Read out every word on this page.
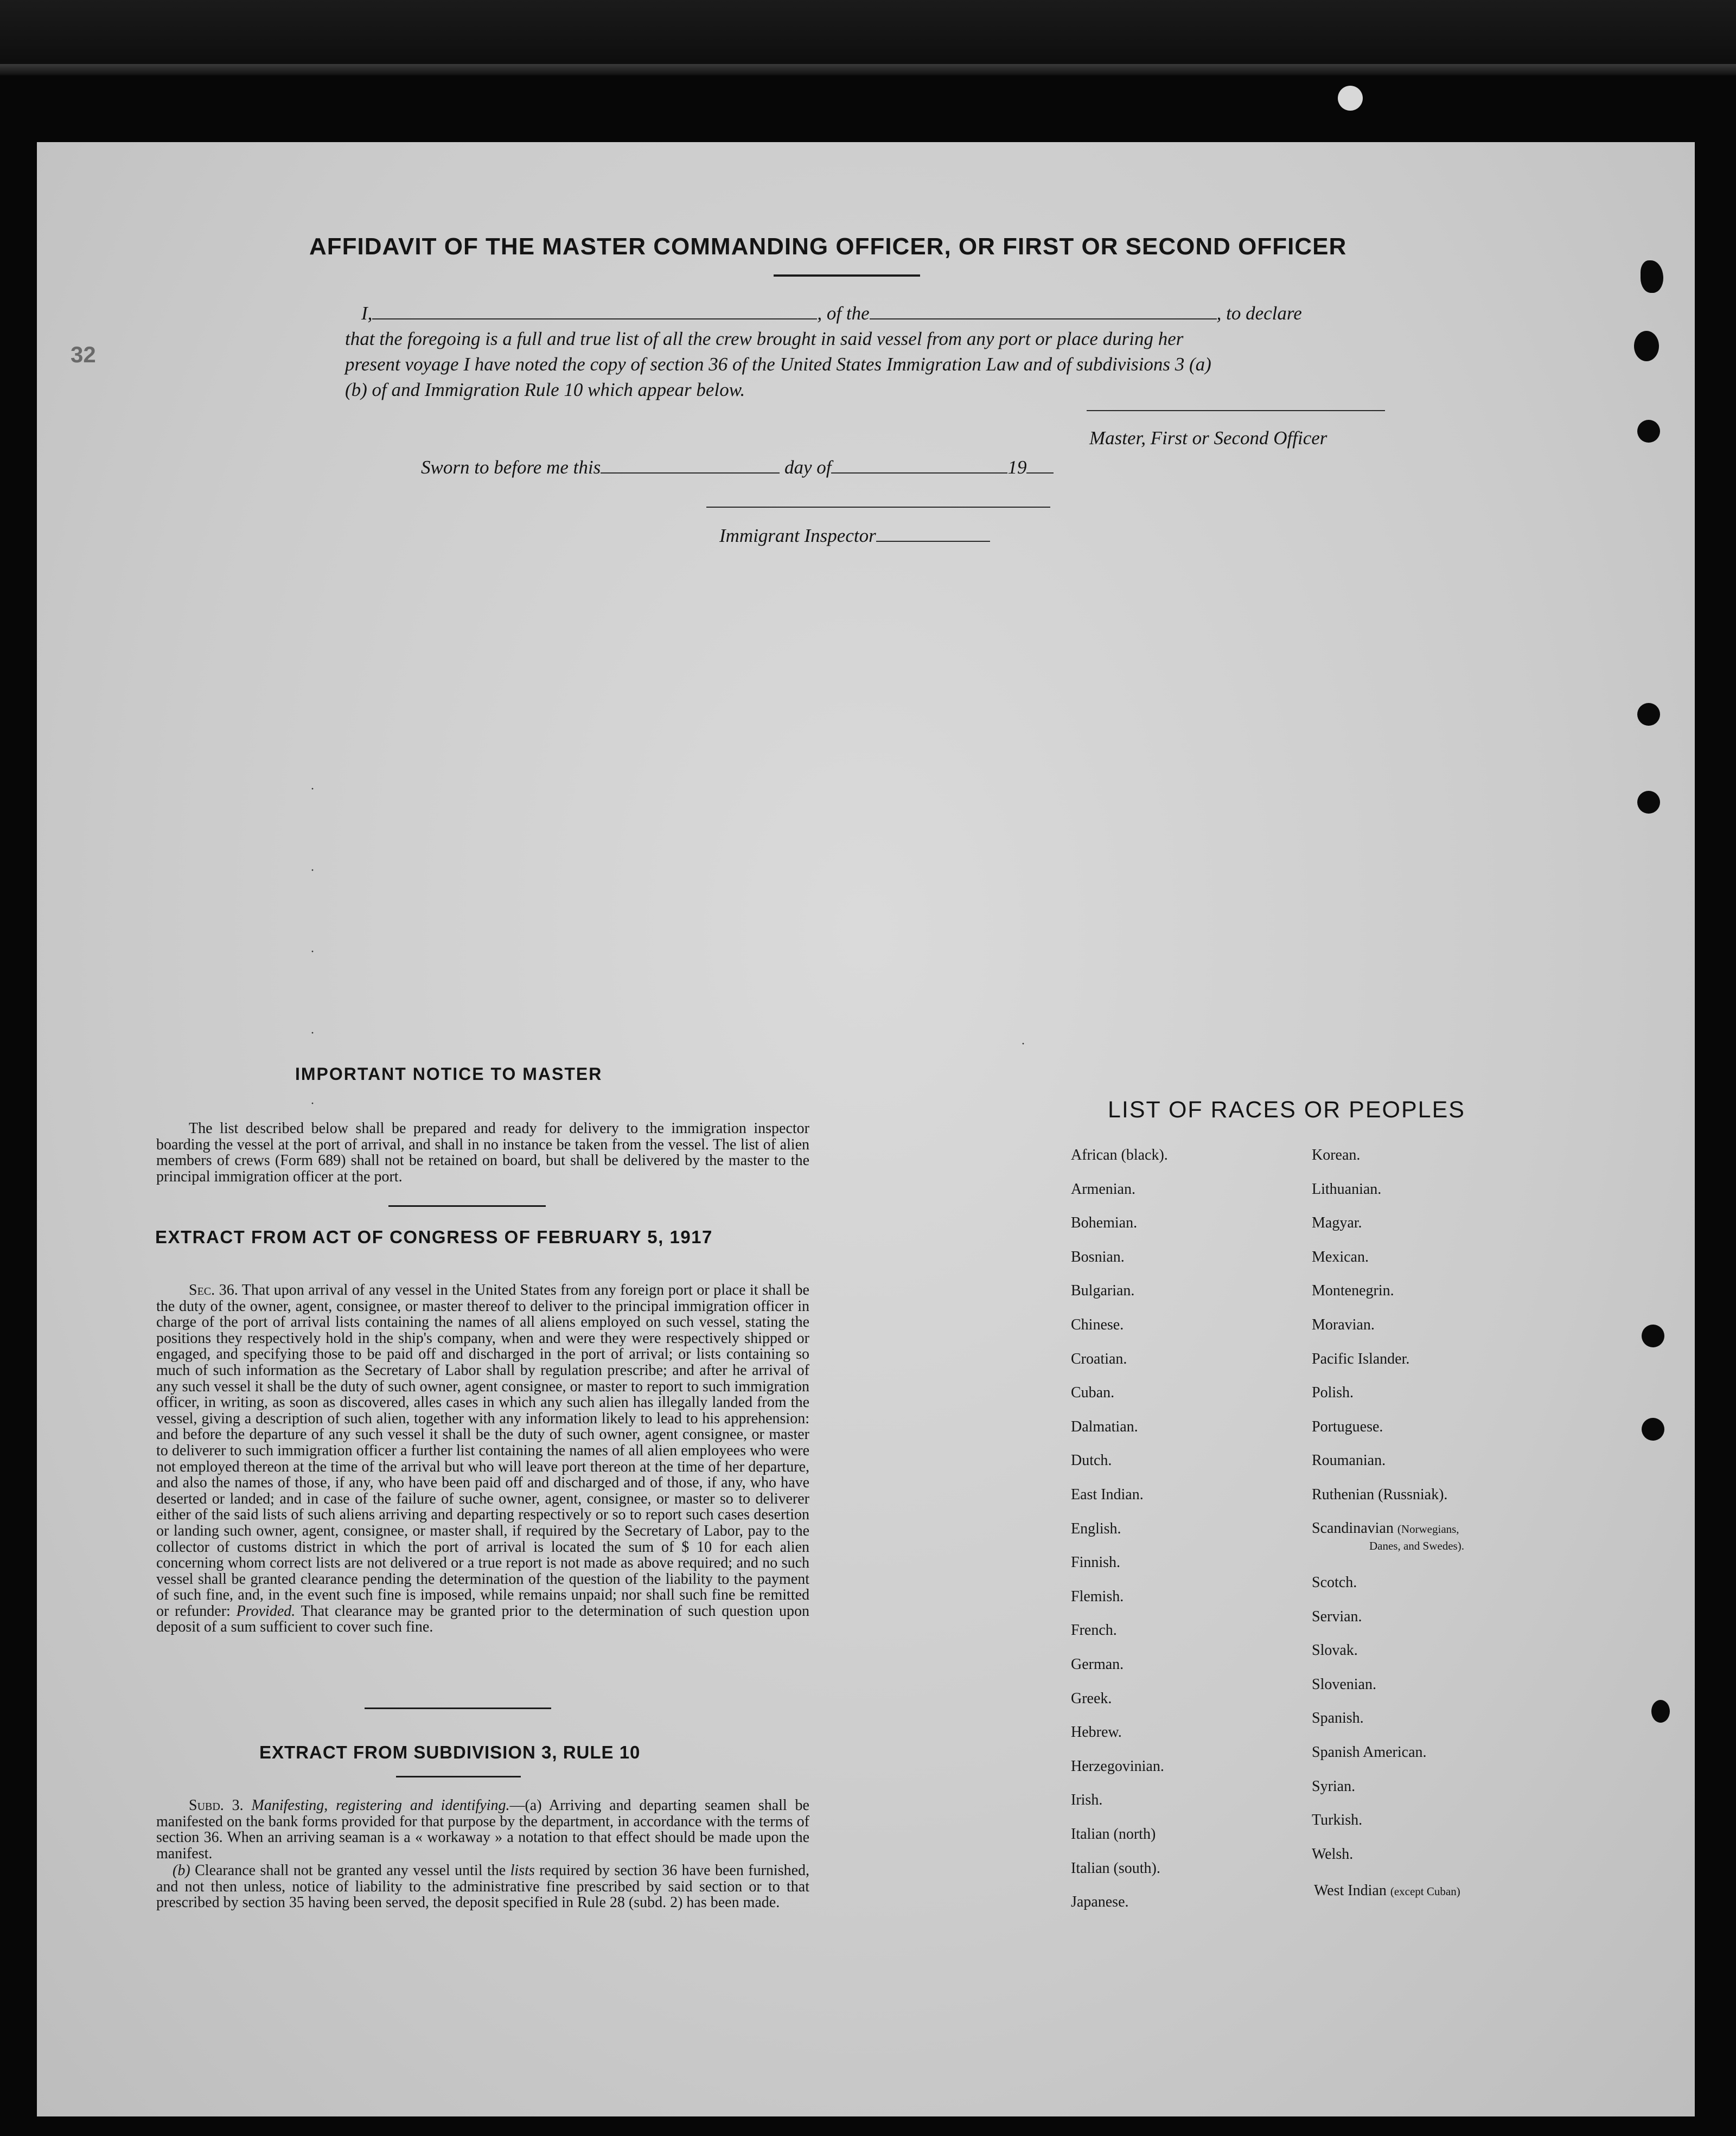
AFFIDAVIT OF THE MASTER COMMANDING OFFICER, OR FIRST OR SECOND OFFICER
I,	, of the	, to declare
that the foregoing is a full and true list of all the crew brought in said vessel from any port or place during her
present voyage I have noted the copy of section 36 of the United States Immigration Law and of subdivisions 3 (a)
(b) of and Immigration Rule 10 which appear below.
Master, First or Second Officer
Sworn to before me this	day of	19
Immigrant Inspector
32
·
·
·
·
·
·
IMPORTANT NOTICE TO MASTER
The list described below shall be prepared and ready for delivery to the immigration inspector boarding the vessel at the port of arrival, and shall in no instance be taken from the vessel. The list of alien members of crews (Form 689) shall not be retained on board, but shall be delivered by the master to the principal immigration officer at the port.
EXTRACT FROM ACT OF CONGRESS OF FEBRUARY 5, 1917
Sec. 36. That upon arrival of any vessel in the United States from any foreign port or place it shall be the duty of the owner, agent, consignee, or master thereof to deliver to the principal immigration officer in charge of the port of arrival lists containing the names of all aliens employed on such vessel, stating the positions they respectively hold in the ship's company, when and were they were respectively shipped or engaged, and specifying those to be paid off and discharged in the port of arrival; or lists containing so much of such information as the Secretary of Labor shall by regulation prescribe; and after he arrival of any such vessel it shall be the duty of such owner, agent consignee, or master to report to such immigration officer, in writing, as soon as discovered, alles cases in which any such alien has illegally landed from the vessel, giving a description of such alien, together with any information likely to lead to his apprehension: and before the departure of any such vessel it shall be the duty of such owner, agent consignee, or master to deliverer to such immigration officer a further list containing the names of all alien employees who were not employed thereon at the time of the arrival but who will leave port thereon at the time of her departure, and also the names of those, if any, who have been paid off and discharged and of those, if any, who have deserted or landed; and in case of the failure of suche owner, agent, consignee, or master so to deliverer either of the said lists of such aliens arriving and departing respectively or so to report such cases desertion or landing such owner, agent, consignee, or master shall, if required by the Secretary of Labor, pay to the collector of customs district in which the port of arrival is located the sum of $ 10 for each alien concerning whom correct lists are not delivered or a true report is not made as above required; and no such vessel shall be granted clearance pending the determination of the question of the liability to the payment of such fine, and, in the event such fine is imposed, while remains unpaid; nor shall such fine be remitted or refunder: Provided. That clearance may be granted prior to the determination of such question upon deposit of a sum sufficient to cover such fine.
EXTRACT FROM SUBDIVISION 3, RULE 10
Subd. 3. Manifesting, registering and identifying.—(a) Arriving and departing seamen shall be manifested on the bank forms provided for that purpose by the department, in accordance with the terms of section 36. When an arriving seaman is a « workaway » a notation to that effect should be made upon the manifest.
(b) Clearance shall not be granted any vessel until the lists required by section 36 have been furnished, and not then unless, notice of liability to the administrative fine prescribed by said section or to that prescribed by section 35 having been served, the deposit specified in Rule 28 (subd. 2) has been made.
LIST OF RACES OR PEOPLES
African (black).
Armenian.
Bohemian.
Bosnian.
Bulgarian.
Chinese.
Croatian.
Cuban.
Dalmatian.
Dutch.
East Indian.
English.
Finnish.
Flemish.
French.
German.
Greek.
Hebrew.
Herzegovinian.
Irish.
Italian (north)
Italian (south).
Japanese.
Korean.
Lithuanian.
Magyar.
Mexican.
Montenegrin.
Moravian.
Pacific Islander.
Polish.
Portuguese.
Roumanian.
Ruthenian (Russniak).
Scandinavian (Norwegians,
Danes, and Swedes).
Scotch.
Servian.
Slovak.
Slovenian.
Spanish.
Spanish American.
Syrian.
Turkish.
Welsh.
West Indian (except Cuban)
